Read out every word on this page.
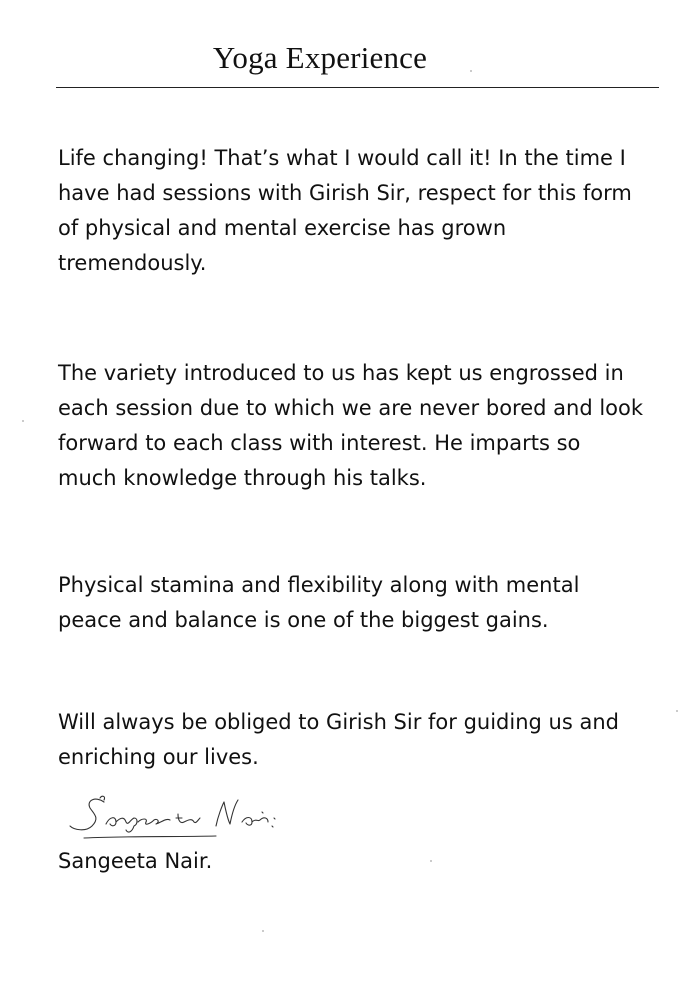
Yoga Experience

Life changing! That’s what I would call it! In the time I
have had sessions with Girish Sir, respect for this form
of physical and mental exercise has grown
tremendously.

The variety introduced to us has kept us engrossed in
each session due to which we are never bored and look
forward to each class with interest. He imparts so
much knowledge through his talks.

Physical stamina and flexibility along with mental
peace and balance is one of the biggest gains.

Will always be obliged to Girish Sir for guiding us and
enriching our lives.

Sangeeta Nair.
